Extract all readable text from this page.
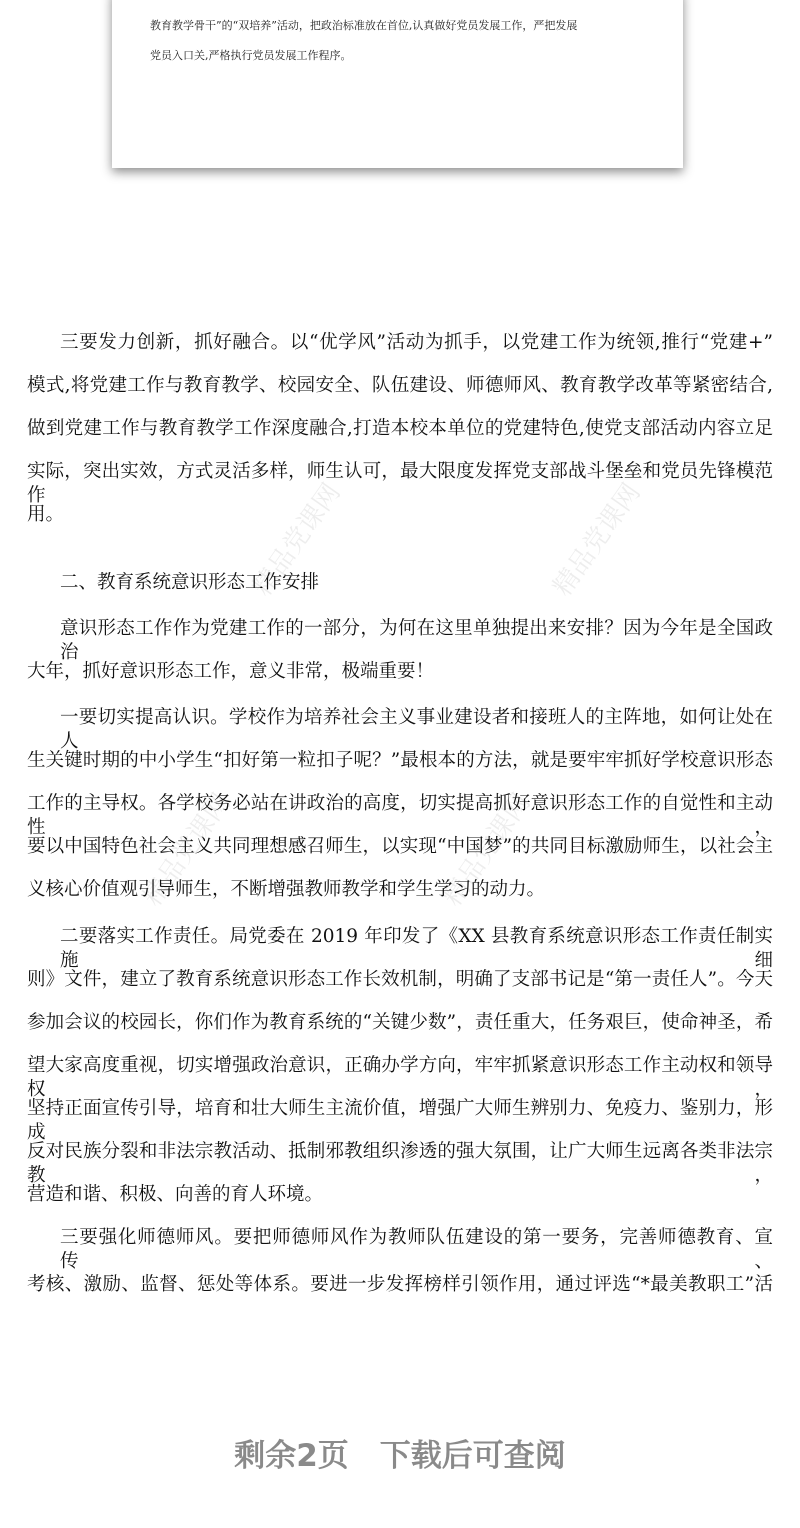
教育教学骨干”的“双培养”活动，把政治标准放在首位,认真做好党员发展工作，严把发展
党员入口关,严格执行党员发展工作程序。
精品党课网	精品党课网
精品党课网	精品党课网
三要发力创新，抓好融合。以“优学风”活动为抓手，以党建工作为统领,推行“党建+”
模式,将党建工作与教育教学、校园安全、队伍建设、师德师风、教育教学改革等紧密结合,
做到党建工作与教育教学工作深度融合,打造本校本单位的党建特色,使党支部活动内容立足
实际，突出实效，方式灵活多样，师生认可，最大限度发挥党支部战斗堡垒和党员先锋模范作
用。
二、教育系统意识形态工作安排
意识形态工作作为党建工作的一部分，为何在这里单独提出来安排？因为今年是全国政治
大年，抓好意识形态工作，意义非常，极端重要！
一要切实提高认识。学校作为培养社会主义事业建设者和接班人的主阵地，如何让处在人
生关键时期的中小学生“扣好第一粒扣子呢？”最根本的方法，就是要牢牢抓好学校意识形态
工作的主导权。各学校务必站在讲政治的高度，切实提高抓好意识形态工作的自觉性和主动性，
要以中国特色社会主义共同理想感召师生，以实现“中国梦”的共同目标激励师生，以社会主
义核心价值观引导师生，不断增强教师教学和学生学习的动力。
二要落实工作责任。局党委在 2019 年印发了《XX 县教育系统意识形态工作责任制实施细
则》文件，建立了教育系统意识形态工作长效机制，明确了支部书记是“第一责任人”。今天
参加会议的校园长，你们作为教育系统的“关键少数”，责任重大，任务艰巨，使命神圣，希
望大家高度重视，切实增强政治意识，正确办学方向，牢牢抓紧意识形态工作主动权和领导权，
坚持正面宣传引导，培育和壮大师生主流价值，增强广大师生辨别力、免疫力、鉴别力，形成
反对民族分裂和非法宗教活动、抵制邪教组织渗透的强大氛围，让广大师生远离各类非法宗教，
营造和谐、积极、向善的育人环境。
三要强化师德师风。要把师德师风作为教师队伍建设的第一要务，完善师德教育、宣传、
考核、激励、监督、惩处等体系。要进一步发挥榜样引领作用，通过评选“*最美教职工”活
剩余2页　下载后可查阅
